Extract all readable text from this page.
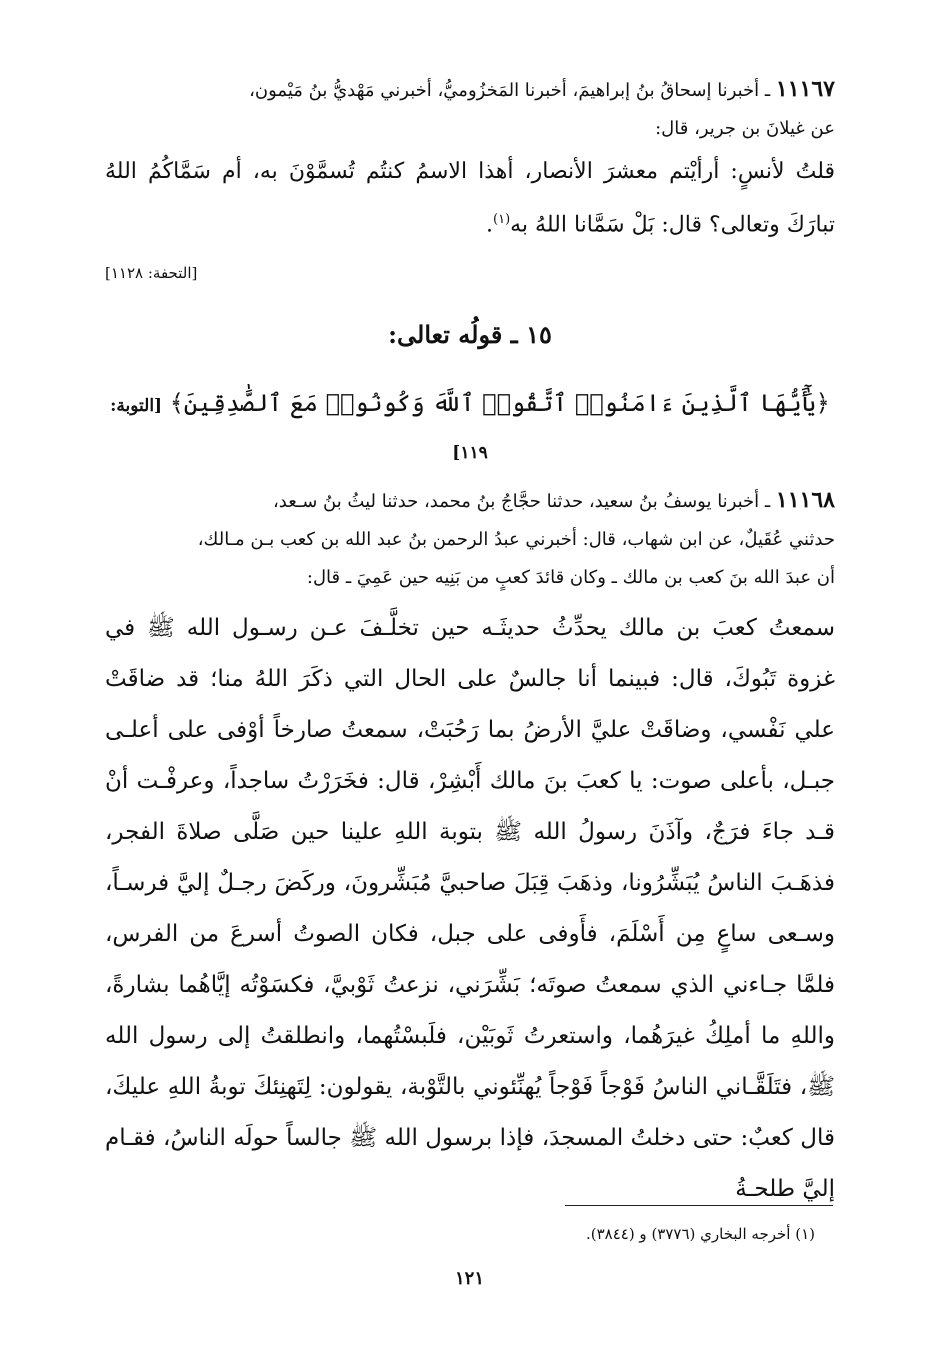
١١١٦٧ ـ أخبرنا إسحاقُ بنُ إبراهيمَ، أخبرنا المَخزُوميُّ، أخبرني مَهْديُّ بنُ مَيْمون،
عن غيلانَ بن جرير، قال:

قلتُ لأنسٍ: أرأيْتم معشرَ الأنصار، أهذا الاسمُ كنتُم تُسمَّوْنَ به، أم سَمَّاكُمُ اللهُ تبارَكَ وتعالى؟ قال: بَلْ سَمَّانا اللهُ به$^{(١)}$.

[التحفة: ١١٢٨]

١٥ ـ قولُه تعالى:

﴿يَٰٓأَيُّهَا ٱلَّذِينَ ءَامَنُوا۟ ٱتَّقُوا۟ ٱللَّهَ وَكُونُوا۟ مَعَ ٱلصَّٰدِقِينَ﴾ [التوبة: ١١٩]

١١١٦٨ ـ أخبرنا يوسفُ بنُ سعيد، حدثنا حجَّاجُ بنُ محمد، حدثنا ليثُ بنُ سـعد،
حدثني عُقَيلٌ، عن ابن شهاب، قال: أخبرني عبدُ الرحمن بنُ عبد الله بن كعب بـن مـالك،
أن عبدَ الله بنَ كعب بن مالك ـ وكان قائدَ كعبٍ من بَنِيه حين عَمِيَ ـ قال:

سمعتُ كعبَ بن مالك يحدِّثُ حديثَـه حين تخلَّـفَ عـن رسـول الله ﷺ في غزوة تَبُوكَ، قال: فبينما أنا جالسٌ على الحال التي ذكَرَ اللهُ منا؛ قد ضاقَتْ علي نَفْسي، وضاقَتْ عليَّ الأرضُ بما رَحُبَتْ، سمعتُ صارخاً أوْفى على أعلـى جبـل، بأعلى صوت: يا كعبَ بنَ مالك أَبْشِرْ، قال: فخَرَرْتُ ساجداً، وعرفْـت أنْ قـد جاءَ فرَجٌ، وآذَنَ رسولُ الله ﷺ بتوبة اللهِ علينا حين صَلَّى صلاةَ الفجر، فذهَـبَ الناسُ يُبَشِّرُونا، وذهَبَ قِبَلَ صاحبيَّ مُبَشِّرونَ، وركَضَ رجـلٌ إليَّ فرسـاً، وسـعى ساعٍ مِن أَسْلَمَ، فأَوفى على جبل، فكان الصوتُ أسرعَ من الفرس، فلمَّا جـاءني الذي سمعتُ صوتَه؛ بَشِّرَني، نزعتُ ثَوْبيَّ، فكسَوْتُه إيَّاهُما بشارةً، واللهِ ما أملِكُ غيرَهُما، واستعرتُ ثَوبَيْن، فلَبسْتُهما، وانطلقتُ إلى رسول الله ﷺ، فتَلَقَّـاني الناسُ فَوْجاً فَوْجاً يُهنِّئوني بالتَّوْبة، يقولون: لِتَهنِئكَ توبةُ اللهِ عليكَ، قال كعبٌ: حتى دخلتُ المسجدَ، فإذا برسول الله ﷺ جالساً حولَه الناسُ، فقـام إليَّ طلحـةُ

(١) أخرجه البخاري (٣٧٧٦) و (٣٨٤٤).
١٢١
